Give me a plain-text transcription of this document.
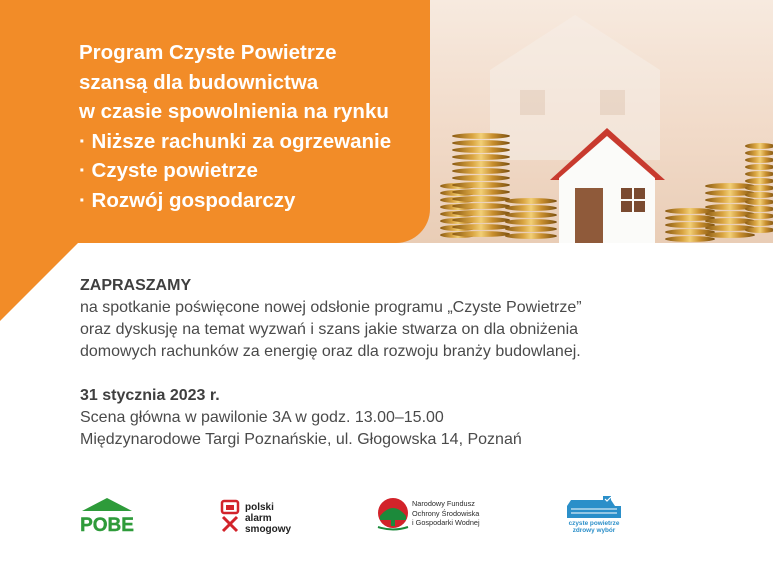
Program Czyste Powietrze
szansą dla budownictwa
w czasie spowolnienia na rynku
· Niższe rachunki za ogrzewanie
· Czyste powietrze
· Rozwój gospodarczy

ZAPRASZAMY

na spotkanie poświęcone nowej odsłonie programu „Czyste Powietrze”

oraz dyskusję na temat wyzwań i szans jakie stwarza on dla obniżenia

domowych rachunków za energię oraz dla rozwoju branży budowlanej.

31 stycznia 2023 r.

Scena główna w pawilonie 3A w godz. 13.00–15.00

Międzynarodowe Targi Poznańskie, ul. Głogowska 14, Poznań

POBE
polski
alarm
smogowy
Narodowy Fundusz
Ochrony Środowiska
i Gospodarki Wodnej	czyste powietrze
zdrowy wybór
